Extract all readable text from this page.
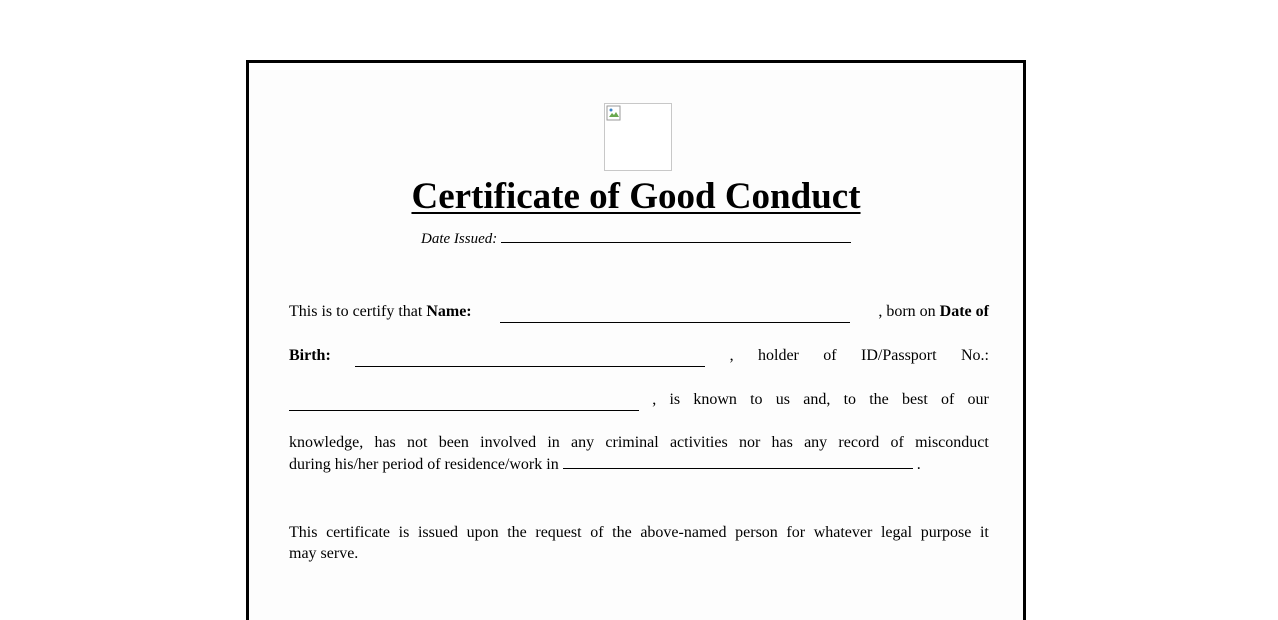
Certificate of Good Conduct
Date Issued:
This is to certify that Name:	, born on Date of
Birth:	, holder of ID/Passport No.:
, is known to us and, to the best of our
knowledge, has not been involved in any criminal activities nor has any record of misconduct
during his/her period of residence/work in	.
This certificate is issued upon the request of the above-named person for whatever legal purpose it
may serve.
